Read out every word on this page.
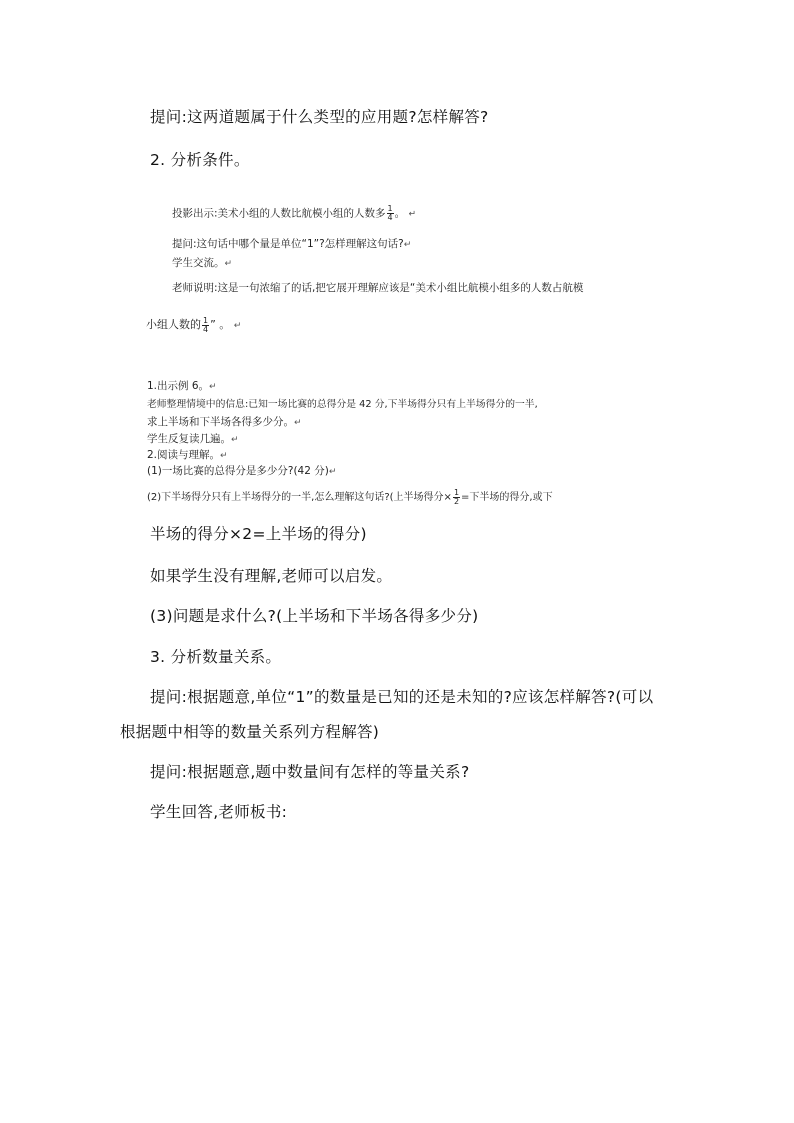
提问:这两道题属于什么类型的应用题?怎样解答?
2. 分析条件。
投影出示:美术小组的人数比航模小组的人数多 $\frac{1}{4}$ 。 ↵
提问:这句话中哪个量是单位“1”?怎样理解这句话?↵
学生交流。↵
老师说明:这是一句浓缩了的话,把它展开理解应该是“美术小组比航模小组多的人数占航模
小组人数的 $\frac{1}{4}$ ” 。 ↵
1.出示例 6。↵
老师整理情境中的信息:已知一场比赛的总得分是 42 分,下半场得分只有上半场得分的一半,
求上半场和下半场各得多少分。↵
学生反复读几遍。↵
2.阅读与理解。↵
(1)一场比赛的总得分是多少分?(42 分)↵
(2)下半场得分只有上半场得分的一半,怎么理解这句话?(上半场得分× $\frac{1}{2}$ =下半场的得分,或下
半场的得分×2=上半场的得分)
如果学生没有理解,老师可以启发。
(3)问题是求什么?(上半场和下半场各得多少分)
3. 分析数量关系。
提问:根据题意,单位“1”的数量是已知的还是未知的?应该怎样解答?(可以
根据题中相等的数量关系列方程解答)
提问:根据题意,题中数量间有怎样的等量关系?
学生回答,老师板书:
